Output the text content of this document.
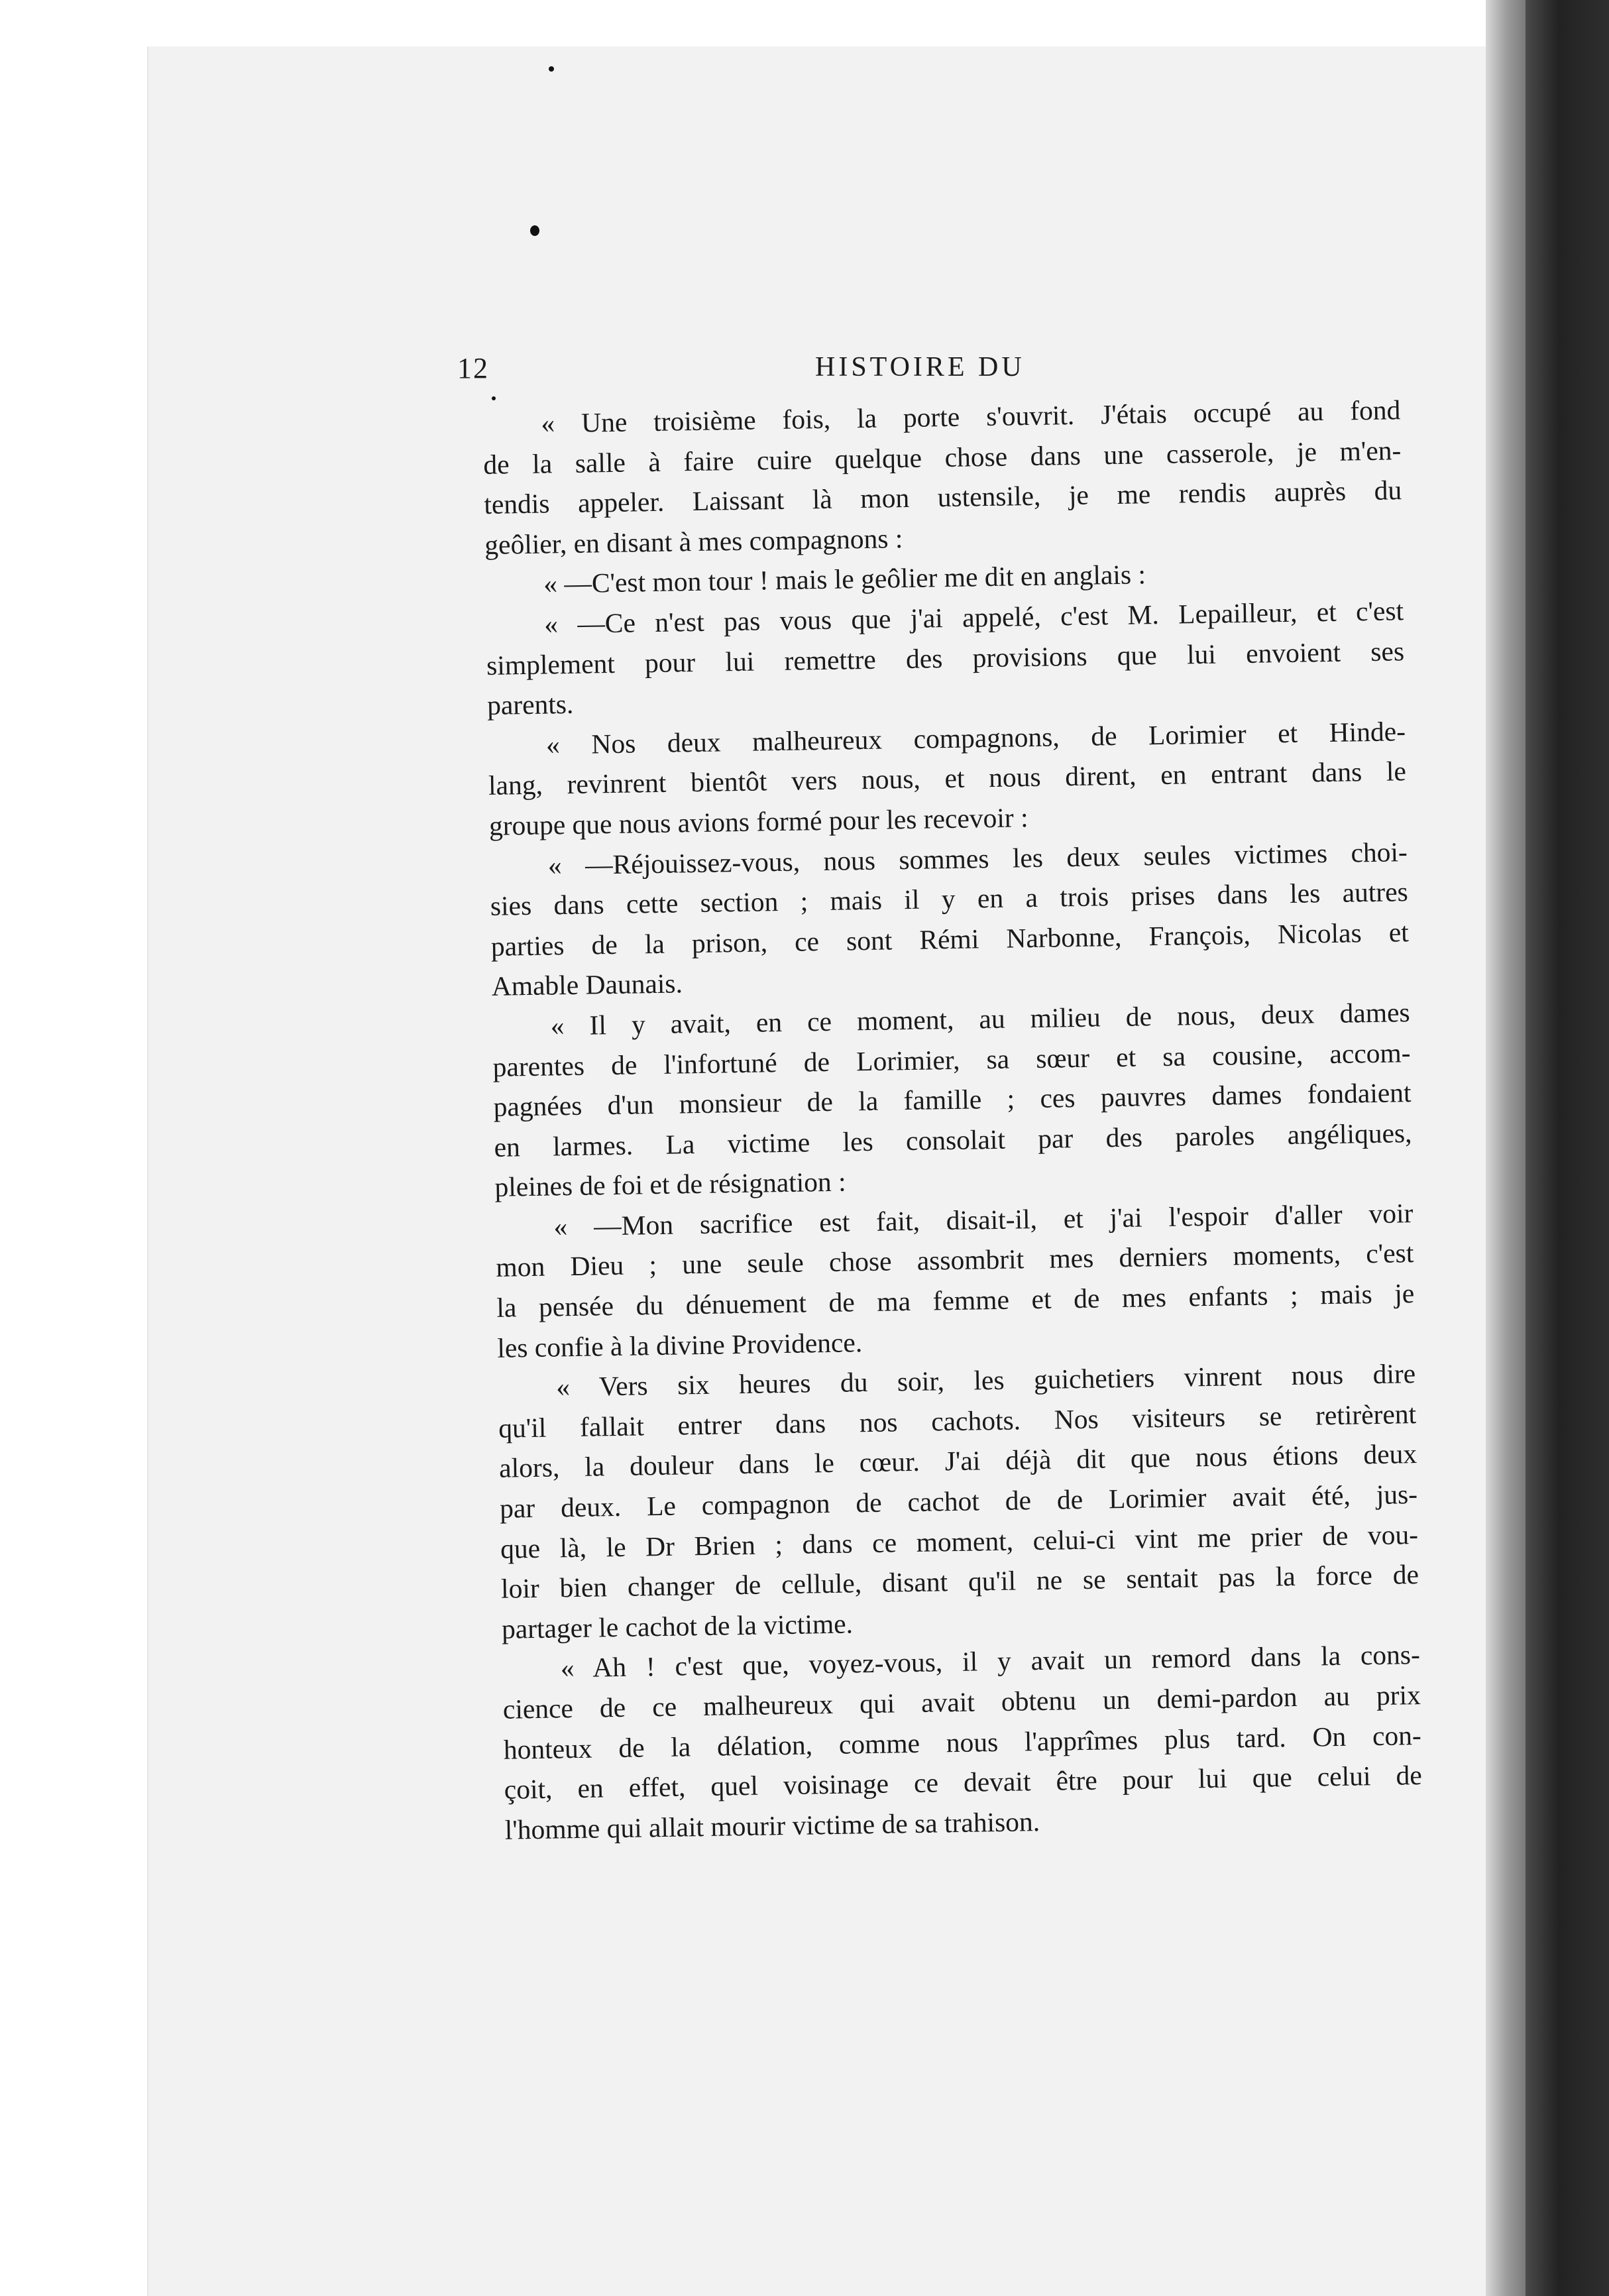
12	HISTOIRE DU
« Une troisième fois, la porte s'ouvrit. J'étais occupé au fond
de la salle à faire cuire quelque chose dans une casserole, je m'en-
tendis appeler. Laissant là mon ustensile, je me rendis auprès du
geôlier, en disant à mes compagnons :
« —C'est mon tour ! mais le geôlier me dit en anglais :
« —Ce n'est pas vous que j'ai appelé, c'est M. Lepailleur, et c'est
simplement pour lui remettre des provisions que lui envoient ses
parents.
« Nos deux malheureux compagnons, de Lorimier et Hinde-
lang, revinrent bientôt vers nous, et nous dirent, en entrant dans le
groupe que nous avions formé pour les recevoir :
« —Réjouissez-vous, nous sommes les deux seules victimes choi-
sies dans cette section ; mais il y en a trois prises dans les autres
parties de la prison, ce sont Rémi Narbonne, François, Nicolas et
Amable Daunais.
« Il y avait, en ce moment, au milieu de nous, deux dames
parentes de l'infortuné de Lorimier, sa sœur et sa cousine, accom-
pagnées d'un monsieur de la famille ; ces pauvres dames fondaient
en larmes. La victime les consolait par des paroles angéliques,
pleines de foi et de résignation :
« —Mon sacrifice est fait, disait-il, et j'ai l'espoir d'aller voir
mon Dieu ; une seule chose assombrit mes derniers moments, c'est
la pensée du dénuement de ma femme et de mes enfants ; mais je
les confie à la divine Providence.
« Vers six heures du soir, les guichetiers vinrent nous dire
qu'il fallait entrer dans nos cachots. Nos visiteurs se retirèrent
alors, la douleur dans le cœur. J'ai déjà dit que nous étions deux
par deux. Le compagnon de cachot de de Lorimier avait été, jus-
que là, le Dr Brien ; dans ce moment, celui-ci vint me prier de vou-
loir bien changer de cellule, disant qu'il ne se sentait pas la force de
partager le cachot de la victime.
« Ah ! c'est que, voyez-vous, il y avait un remord dans la cons-
cience de ce malheureux qui avait obtenu un demi-pardon au prix
honteux de la délation, comme nous l'apprîmes plus tard. On con-
çoit, en effet, quel voisinage ce devait être pour lui que celui de
l'homme qui allait mourir victime de sa trahison.
